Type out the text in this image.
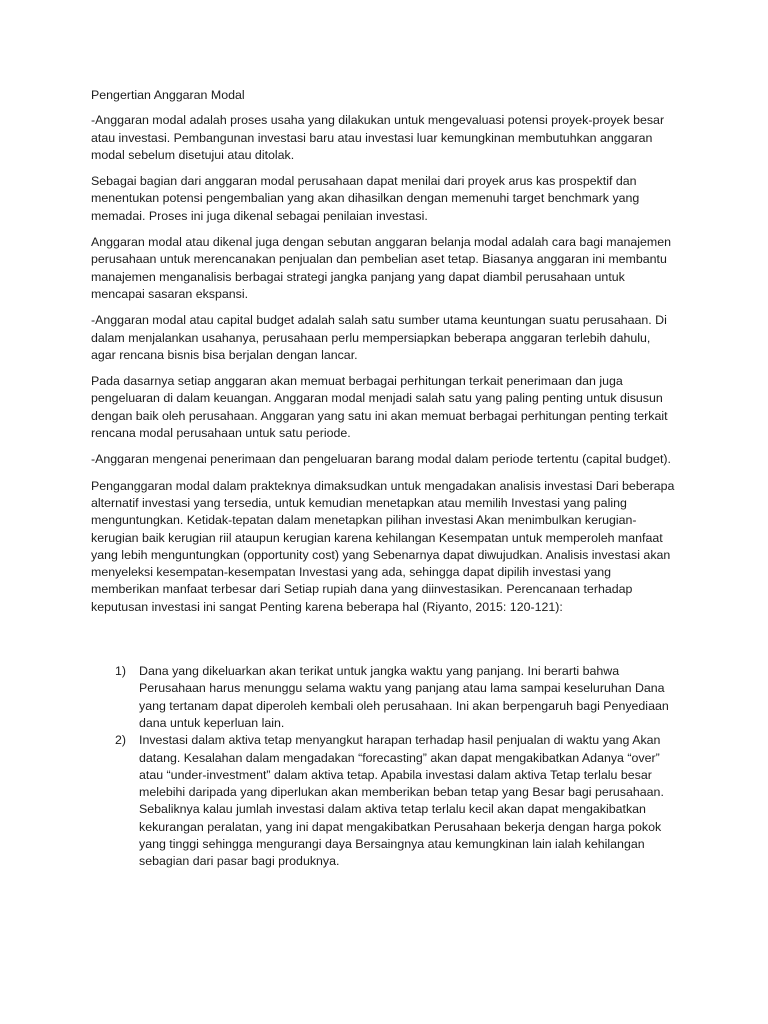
Pengertian Anggaran Modal

-Anggaran modal adalah proses usaha yang dilakukan untuk mengevaluasi potensi proyek-proyek besar atau investasi. Pembangunan investasi baru atau investasi luar kemungkinan membutuhkan anggaran modal sebelum disetujui atau ditolak.

Sebagai bagian dari anggaran modal perusahaan dapat menilai dari proyek arus kas prospektif dan menentukan potensi pengembalian yang akan dihasilkan dengan memenuhi target benchmark yang memadai. Proses ini juga dikenal sebagai penilaian investasi.

Anggaran modal atau dikenal juga dengan sebutan anggaran belanja modal adalah cara bagi manajemen perusahaan untuk merencanakan penjualan dan pembelian aset tetap. Biasanya anggaran ini membantu manajemen menganalisis berbagai strategi jangka panjang yang dapat diambil perusahaan untuk mencapai sasaran ekspansi.

-Anggaran modal atau capital budget adalah salah satu sumber utama keuntungan suatu perusahaan. Di dalam menjalankan usahanya, perusahaan perlu mempersiapkan beberapa anggaran terlebih dahulu, agar rencana bisnis bisa berjalan dengan lancar.

Pada dasarnya setiap anggaran akan memuat berbagai perhitungan terkait penerimaan dan juga pengeluaran di dalam keuangan. Anggaran modal menjadi salah satu yang paling penting untuk disusun dengan baik oleh perusahaan. Anggaran yang satu ini akan memuat berbagai perhitungan penting terkait rencana modal perusahaan untuk satu periode.

-Anggaran mengenai penerimaan dan pengeluaran barang modal dalam periode tertentu (capital budget).

Penganggaran modal dalam prakteknya dimaksudkan untuk mengadakan analisis investasi Dari beberapa alternatif investasi yang tersedia, untuk kemudian menetapkan atau memilih Investasi yang paling menguntungkan. Ketidak-tepatan dalam menetapkan pilihan investasi Akan menimbulkan kerugian-kerugian baik kerugian riil ataupun kerugian karena kehilangan Kesempatan untuk memperoleh manfaat yang lebih menguntungkan (opportunity cost) yang Sebenarnya dapat diwujudkan. Analisis investasi akan menyeleksi kesempatan-kesempatan Investasi yang ada, sehingga dapat dipilih investasi yang memberikan manfaat terbesar dari Setiap rupiah dana yang diinvestasikan. Perencanaan terhadap keputusan investasi ini sangat Penting karena beberapa hal (Riyanto, 2015: 120-121):

1) Dana yang dikeluarkan akan terikat untuk jangka waktu yang panjang. Ini berarti bahwa Perusahaan harus menunggu selama waktu yang panjang atau lama sampai keseluruhan Dana yang tertanam dapat diperoleh kembali oleh perusahaan. Ini akan berpengaruh bagi Penyediaan dana untuk keperluan lain.
2) Investasi dalam aktiva tetap menyangkut harapan terhadap hasil penjualan di waktu yang Akan datang. Kesalahan dalam mengadakan “forecasting” akan dapat mengakibatkan Adanya “over” atau “under-investment” dalam aktiva tetap. Apabila investasi dalam aktiva Tetap terlalu besar melebihi daripada yang diperlukan akan memberikan beban tetap yang Besar bagi perusahaan. Sebaliknya kalau jumlah investasi dalam aktiva tetap terlalu kecil akan dapat mengakibatkan kekurangan peralatan, yang ini dapat mengakibatkan Perusahaan bekerja dengan harga pokok yang tinggi sehingga mengurangi daya Bersaingnya atau kemungkinan lain ialah kehilangan sebagian dari pasar bagi produknya.
